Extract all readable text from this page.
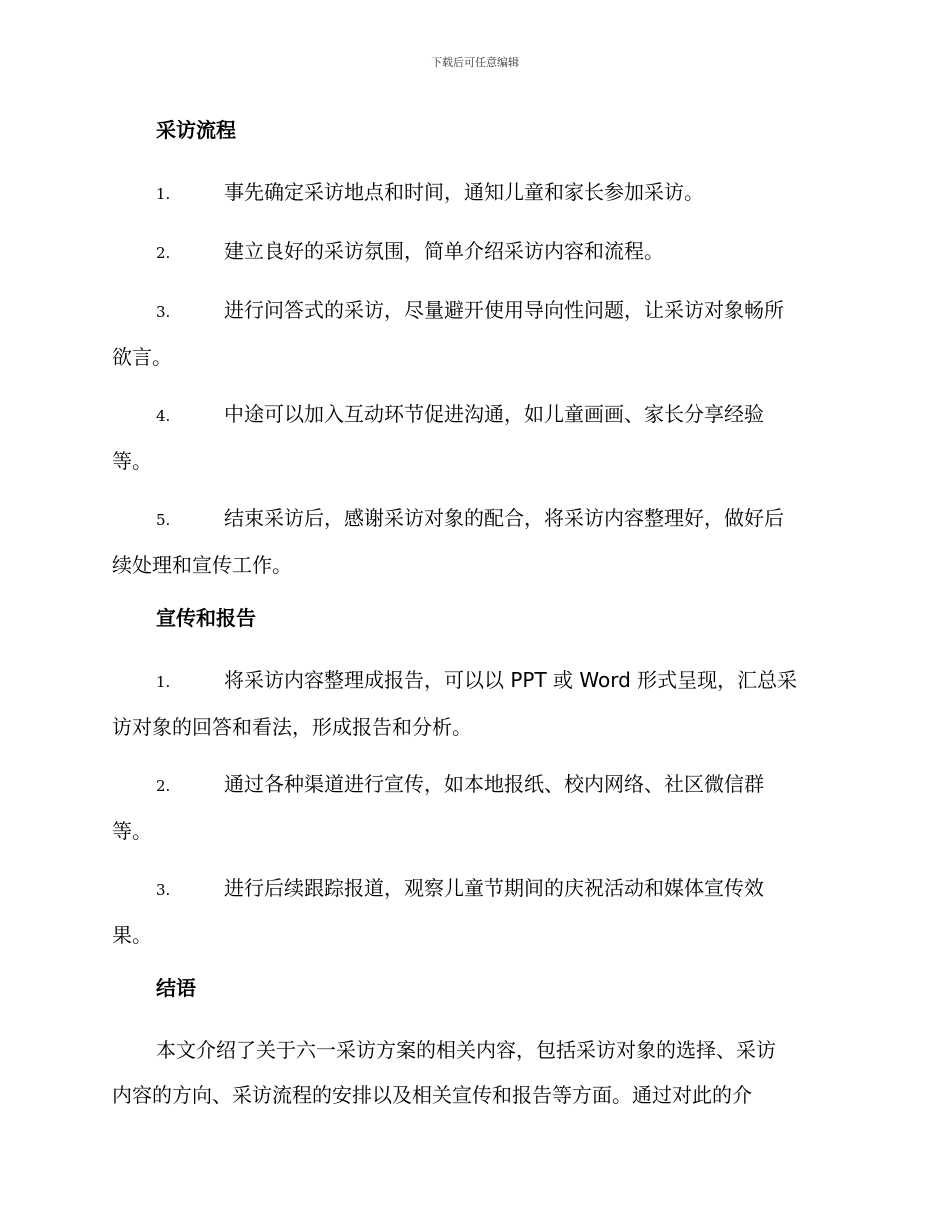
下载后可任意编辑
采访流程

1.	事先确定采访地点和时间，通知儿童和家长参加采访。

2.	建立良好的采访氛围，简单介绍采访内容和流程。

3.	进行问答式的采访，尽量避开使用导向性问题，让采访对象畅所

欲言。

4.	中途可以加入互动环节促进沟通，如儿童画画、家长分享经验

等。

5.	结束采访后，感谢采访对象的配合，将采访内容整理好，做好后

续处理和宣传工作。

宣传和报告

1.	将采访内容整理成报告，可以以 PPT 或 Word 形式呈现，汇总采

访对象的回答和看法，形成报告和分析。

2.	通过各种渠道进行宣传，如本地报纸、校内网络、社区微信群

等。

3.	进行后续跟踪报道，观察儿童节期间的庆祝活动和媒体宣传效

果。

结语

本文介绍了关于六一采访方案的相关内容，包括采访对象的选择、采访

内容的方向、采访流程的安排以及相关宣传和报告等方面。通过对此的介
